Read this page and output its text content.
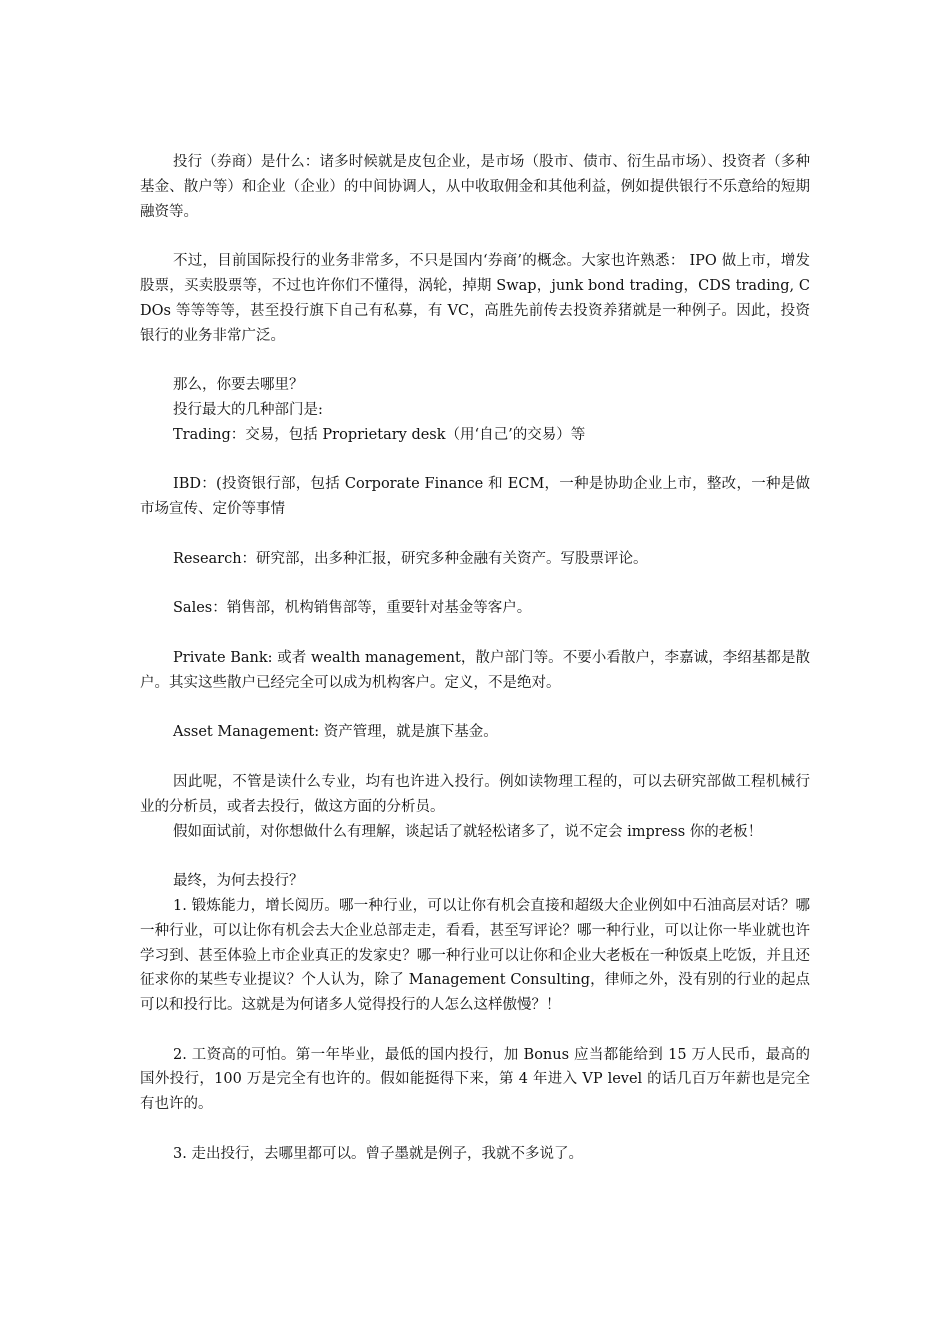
投行（券商）是什么：诸多时候就是皮包企业，是市场（股市、债市、衍生品市场）、投资者（多种基金、散户等）和企业（企业）的中间协调人，从中收取佣金和其他利益，例如提供银行不乐意给的短期融资等。

不过，目前国际投行的业务非常多，不只是国内‘券商’的概念。大家也许熟悉： IPO 做上市，增发股票，买卖股票等，不过也许你们不懂得，涡轮，掉期 Swap，junk bond trading，CDS trading, CDOs 等等等等，甚至投行旗下自己有私募，有 VC，高胜先前传去投资养猪就是一种例子。因此，投资银行的业务非常广泛。

那么，你要去哪里？

投行最大的几种部门是:

Trading：交易，包括 Proprietary desk（用‘自己’的交易）等

IBD：(投资银行部，包括 Corporate Finance 和 ECM，一种是协助企业上市，整改，一种是做市场宣传、定价等事情

Research：研究部，出多种汇报，研究多种金融有关资产。写股票评论。

Sales：销售部，机构销售部等，重要针对基金等客户。

Private Bank: 或者 wealth management，散户部门等。不要小看散户，李嘉诚，李绍基都是散户。其实这些散户已经完全可以成为机构客户。定义，不是绝对。

Asset Management: 资产管理，就是旗下基金。

因此呢，不管是读什么专业，均有也许进入投行。例如读物理工程的，可以去研究部做工程机械行业的分析员，或者去投行，做这方面的分析员。

假如面试前，对你想做什么有理解，谈起话了就轻松诸多了，说不定会 impress 你的老板！

最终，为何去投行？

1. 锻炼能力，增长阅历。哪一种行业，可以让你有机会直接和超级大企业例如中石油高层对话？哪一种行业，可以让你有机会去大企业总部走走，看看，甚至写评论？哪一种行业，可以让你一毕业就也许学习到、甚至体验上市企业真正的发家史？哪一种行业可以让你和企业大老板在一种饭桌上吃饭，并且还征求你的某些专业提议？个人认为，除了 Management Consulting，律师之外，没有别的行业的起点可以和投行比。这就是为何诸多人觉得投行的人怎么这样傲慢？！

2. 工资高的可怕。第一年毕业，最低的国内投行，加 Bonus 应当都能给到 15 万人民币，最高的国外投行，100 万是完全有也许的。假如能挺得下来，第 4 年进入 VP level 的话几百万年薪也是完全有也许的。

3. 走出投行，去哪里都可以。曾子墨就是例子，我就不多说了。
